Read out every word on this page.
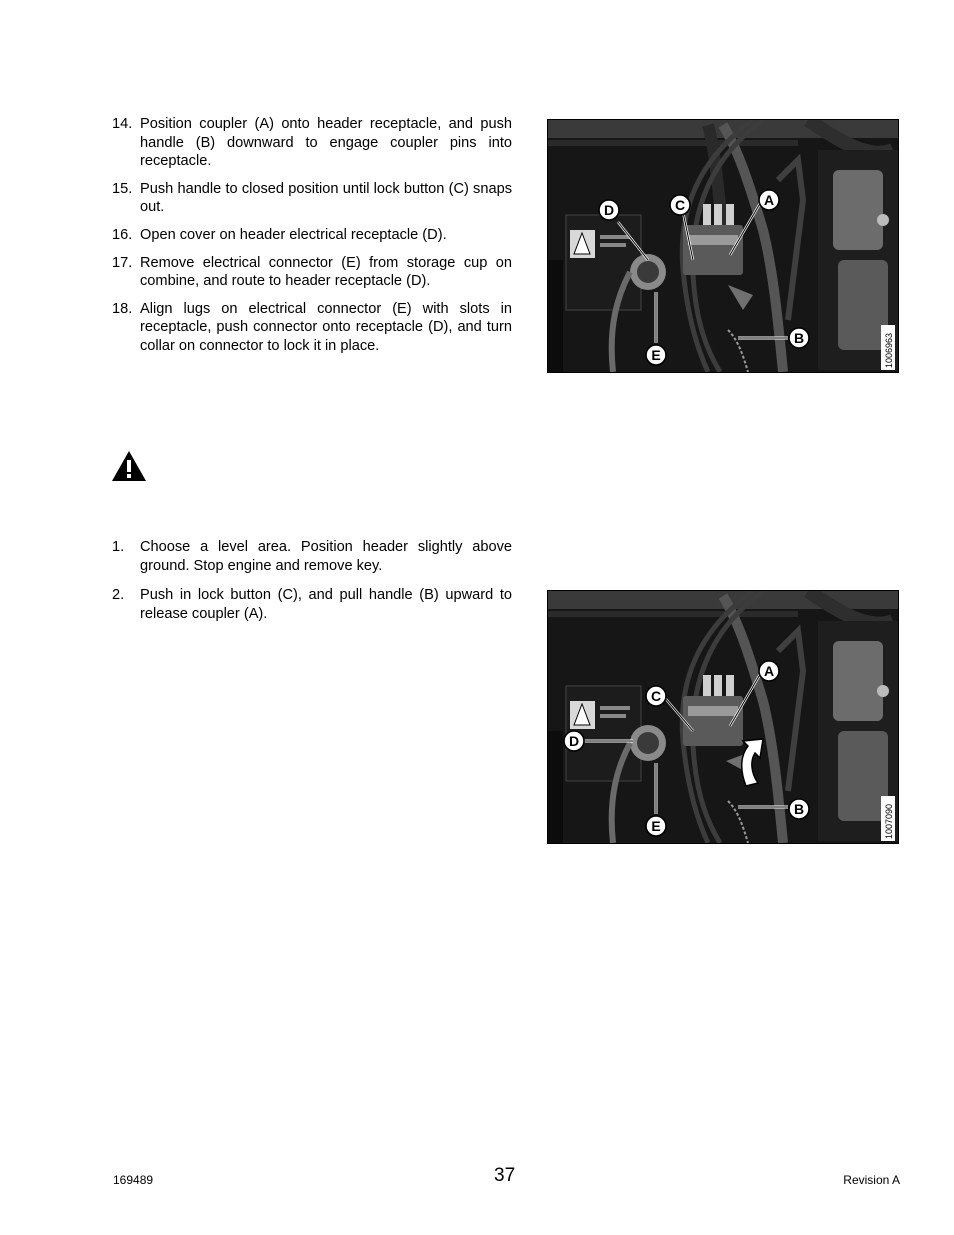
14. Position coupler (A) onto header receptacle, and push handle (B) downward to engage coupler pins into receptacle.
15. Push handle to closed position until lock button (C) snaps out.
16. Open cover on header electrical receptacle (D).
17. Remove electrical connector (E) from storage cup on combine, and route to header receptacle (D).
18. Align lugs on electrical connector (E) with slots in receptacle, push connector onto receptacle (D), and turn collar on connector to lock it in place.
D	C	A
B
E	1006963
1. Choose a level area. Position header slightly above ground. Stop engine and remove key.
2. Push in lock button (C), and pull handle (B) upward to release coupler (A).
C
A
D
B
E	1007090
169489	37	Revision A
